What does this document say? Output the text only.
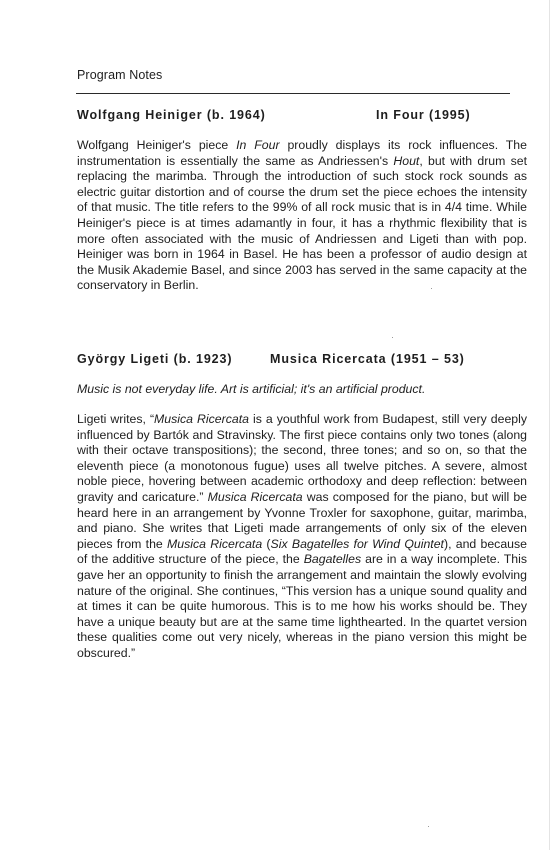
Program Notes
Wolfgang Heiniger (b. 1964)	In Four (1995)

Wolfgang Heiniger's piece In Four proudly displays its rock influences. The instrumentation is essentially the same as Andriessen's Hout, but with drum set replacing the marimba. Through the introduction of such stock rock sounds as electric guitar distortion and of course the drum set the piece echoes the intensity of that music. The title refers to the 99% of all rock music that is in 4/4 time. While Heiniger's piece is at times adamantly in four, it has a rhythmic flexibility that is more often associated with the music of Andriessen and Ligeti than with pop. Heiniger was born in 1964 in Basel. He has been a professor of audio design at the Musik Akademie Basel, and since 2003 has served in the same capacity at the conservatory in Berlin.

György Ligeti (b. 1923)	Musica Ricercata (1951 – 53)

Music is not everyday life. Art is artificial; it's an artificial product.

Ligeti writes, “Musica Ricercata is a youthful work from Budapest, still very deeply influenced by Bartók and Stravinsky. The first piece contains only two tones (along with their octave transpositions); the second, three tones; and so on, so that the eleventh piece (a monotonous fugue) uses all twelve pitches. A severe, almost noble piece, hovering between academic orthodoxy and deep reflection: between gravity and caricature.” Musica Ricercata was composed for the piano, but will be heard here in an arrangement by Yvonne Troxler for saxophone, guitar, marimba, and piano. She writes that Ligeti made arrangements of only six of the eleven pieces from the Musica Ricercata (Six Bagatelles for Wind Quintet), and because of the additive structure of the piece, the Bagatelles are in a way incomplete. This gave her an opportunity to finish the arrangement and maintain the slowly evolving nature of the original. She continues, “This version has a unique sound quality and at times it can be quite humorous. This is to me how his works should be. They have a unique beauty but are at the same time lighthearted. In the quartet version these qualities come out very nicely, whereas in the piano version this might be obscured.”
